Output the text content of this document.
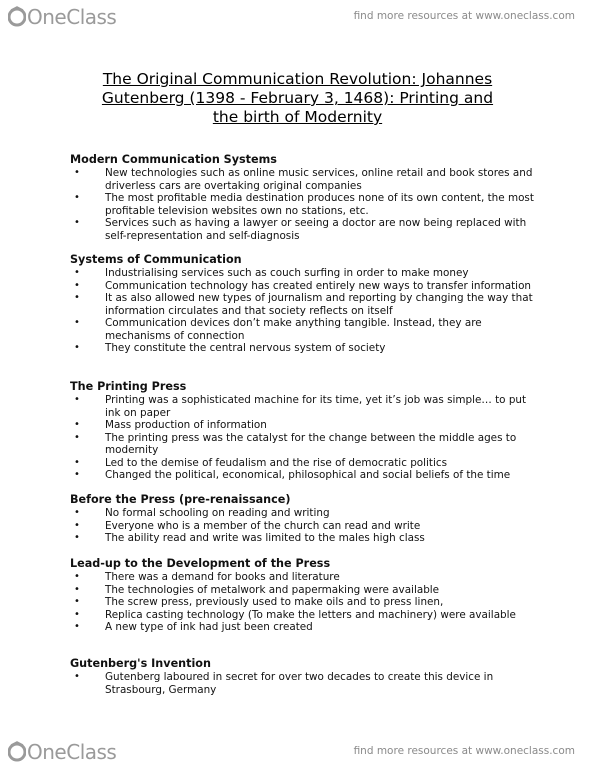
OneClass	find more resources at www.oneclass.com
The Original Communication Revolution: Johannes
Gutenberg (1398 - February 3, 1468): Printing and
the birth of Modernity
Modern Communication Systems
•	New technologies such as online music services, online retail and book stores and driverless cars are overtaking original companies
•	The most profitable media destination produces none of its own content, the most profitable television websites own no stations, etc.
•	Services such as having a lawyer or seeing a doctor are now being replaced with self-representation and self-diagnosis
Systems of Communication
•	Industrialising services such as couch surfing in order to make money
•	Communication technology has created entirely new ways to transfer information
•	It as also allowed new types of journalism and reporting by changing the way that information circulates and that society reflects on itself
•	Communication devices don’t make anything tangible. Instead, they are mechanisms of connection
•	They constitute the central nervous system of society
The Printing Press
•	Printing was a sophisticated machine for its time, yet it’s job was simple… to put ink on paper
•	Mass production of information
•	The printing press was the catalyst for the change between the middle ages to modernity
•	Led to the demise of feudalism and the rise of democratic politics
•	Changed the political, economical, philosophical and social beliefs of the time
Before the Press (pre-renaissance)
•	No formal schooling on reading and writing
•	Everyone who is a member of the church can read and write
•	The ability read and write was limited to the males high class
Lead-up to the Development of the Press
•	There was a demand for books and literature
•	The technologies of metalwork and papermaking were available
•	The screw press, previously used to make oils and to press linen,
•	Replica casting technology (To make the letters and machinery) were available
•	A new type of ink had just been created
Gutenberg's Invention
•	Gutenberg laboured in secret for over two decades to create this device in Strasbourg, Germany
OneClass	find more resources at www.oneclass.com
